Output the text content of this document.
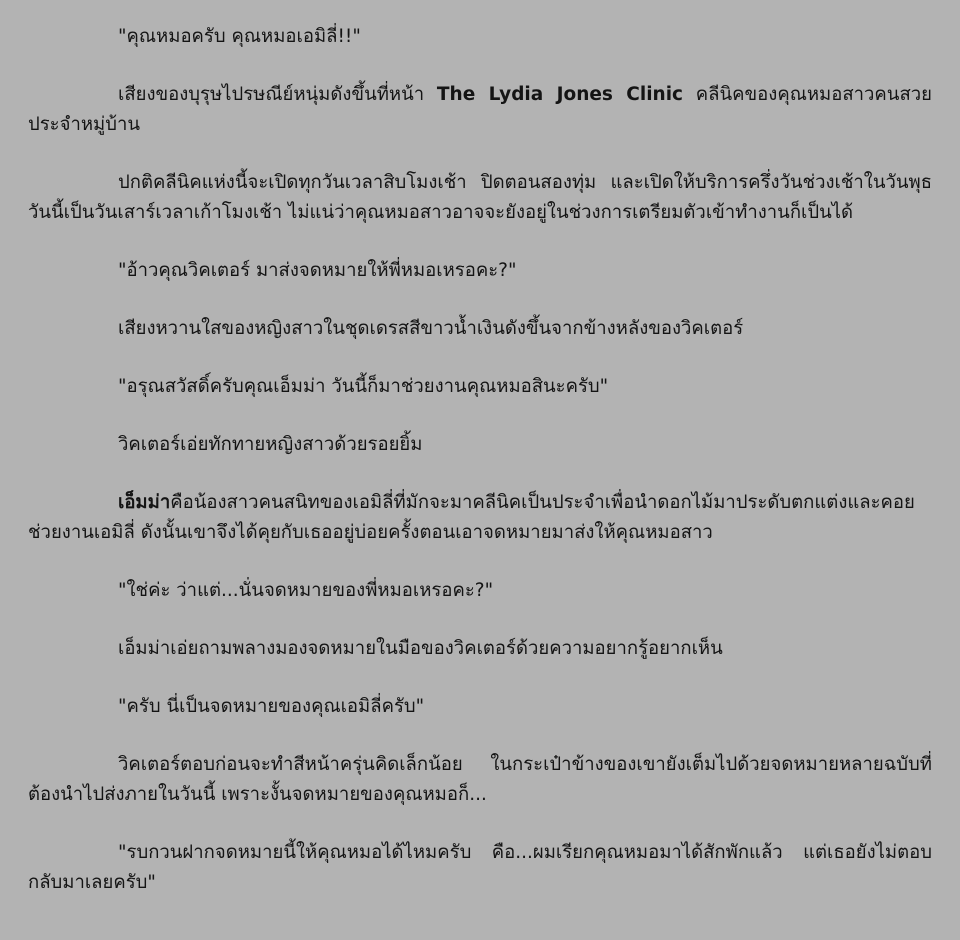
"คุณหมอครับ คุณหมอเอมิลี่!!"

เสียงของบุรุษไปรษณีย์หนุ่มดังขึ้นที่หน้า The Lydia Jones Clinic คลีนิคของคุณหมอสาวคนสวยประจำหมู่บ้าน

ปกติคลีนิคแห่งนี้จะเปิดทุกวันเวลาสิบโมงเช้า ปิดตอนสองทุ่ม และเปิดให้บริการครึ่งวันช่วงเช้าในวันพุธ วันนี้เป็นวันเสาร์เวลาเก้าโมงเช้า ไม่แน่ว่าคุณหมอสาวอาจจะยังอยู่ในช่วงการเตรียมตัวเข้าทำงานก็เป็นได้

"อ้าวคุณวิคเตอร์ มาส่งจดหมายให้พี่หมอเหรอคะ?"

เสียงหวานใสของหญิงสาวในชุดเดรสสีขาวน้ำเงินดังขึ้นจากข้างหลังของวิคเตอร์

"อรุณสวัสดิ์ครับคุณเอ็มม่า วันนี้ก็มาช่วยงานคุณหมอสินะครับ"

วิคเตอร์เอ่ยทักทายหญิงสาวด้วยรอยยิ้ม

เอ็มม่าคือน้องสาวคนสนิทของเอมิลี่ที่มักจะมาคลีนิคเป็นประจำเพื่อนำดอกไม้มาประดับตกแต่งและคอยช่วยงานเอมิลี่ ดังนั้นเขาจึงได้คุยกับเธออยู่บ่อยครั้งตอนเอาจดหมายมาส่งให้คุณหมอสาว

"ใช่ค่ะ ว่าแต่...นั่นจดหมายของพี่หมอเหรอคะ?"

เอ็มม่าเอ่ยถามพลางมองจดหมายในมือของวิคเตอร์ด้วยความอยากรู้อยากเห็น

"ครับ นี่เป็นจดหมายของคุณเอมิลี่ครับ"

วิคเตอร์ตอบก่อนจะทำสีหน้าครุ่นคิดเล็กน้อย ในกระเป๋าข้างของเขายังเต็มไปด้วยจดหมายหลายฉบับที่ต้องนำไปส่งภายในวันนี้ เพราะงั้นจดหมายของคุณหมอก็...

"รบกวนฝากจดหมายนี้ให้คุณหมอได้ไหมครับ คือ...ผมเรียกคุณหมอมาได้สักพักแล้ว แต่เธอยังไม่ตอบกลับมาเลยครับ"
